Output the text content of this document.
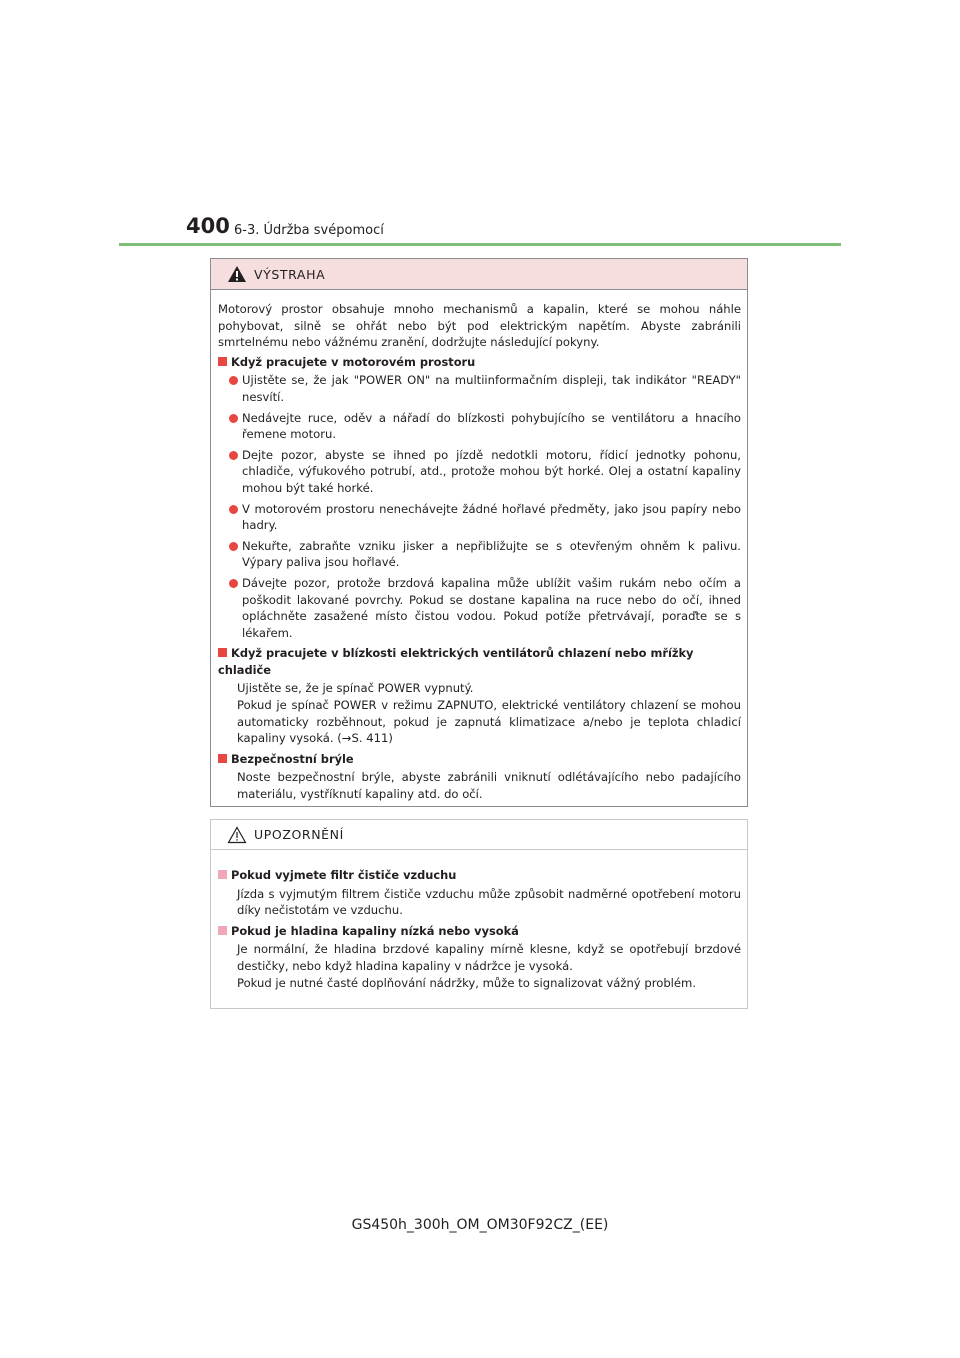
400 6-3. Údržba svépomocí
VÝSTRAHA
Motorový prostor obsahuje mnoho mechanismů a kapalin, které se mohou náhle pohybovat, silně se ohřát nebo být pod elektrickým napětím. Abyste zabránili smrtelnému nebo vážnému zranění, dodržujte následující pokyny.
Když pracujete v motorovém prostoru
Ujistěte se, že jak "POWER ON" na multiinformačním displeji, tak indikátor "READY" nesvítí.
Nedávejte ruce, oděv a nářadí do blízkosti pohybujícího se ventilátoru a hnacího řemene motoru.
Dejte pozor, abyste se ihned po jízdě nedotkli motoru, řídicí jednotky pohonu, chladiče, výfukového potrubí, atd., protože mohou být horké. Olej a ostatní kapaliny mohou být také horké.
V motorovém prostoru nenechávejte žádné hořlavé předměty, jako jsou papíry nebo hadry.
Nekuřte, zabraňte vzniku jisker a nepřibližujte se s otevřeným ohněm k palivu. Výpary paliva jsou hořlavé.
Dávejte pozor, protože brzdová kapalina může ublížit vašim rukám nebo očím a poškodit lakované povrchy. Pokud se dostane kapalina na ruce nebo do očí, ihned opláchněte zasažené místo čistou vodou. Pokud potíže přetrvávají, poraďte se s lékařem.
Když pracujete v blízkosti elektrických ventilátorů chlazení nebo mřížky chladiče
Ujistěte se, že je spínač POWER vypnutý.
Pokud je spínač POWER v režimu ZAPNUTO, elektrické ventilátory chlazení se mohou automaticky rozběhnout, pokud je zapnutá klimatizace a/nebo je teplota chladicí kapaliny vysoká. (→S. 411)
Bezpečnostní brýle
Noste bezpečnostní brýle, abyste zabránili vniknutí odlétávajícího nebo padajícího materiálu, vystříknutí kapaliny atd. do očí.
UPOZORNĚNÍ
Pokud vyjmete filtr čističe vzduchu
Jízda s vyjmutým filtrem čističe vzduchu může způsobit nadměrné opotřebení motoru díky nečistotám ve vzduchu.
Pokud je hladina kapaliny nízká nebo vysoká
Je normální, že hladina brzdové kapaliny mírně klesne, když se opotřebují brzdové destičky, nebo když hladina kapaliny v nádržce je vysoká.
Pokud je nutné časté doplňování nádržky, může to signalizovat vážný problém.
GS450h_300h_OM_OM30F92CZ_(EE)
